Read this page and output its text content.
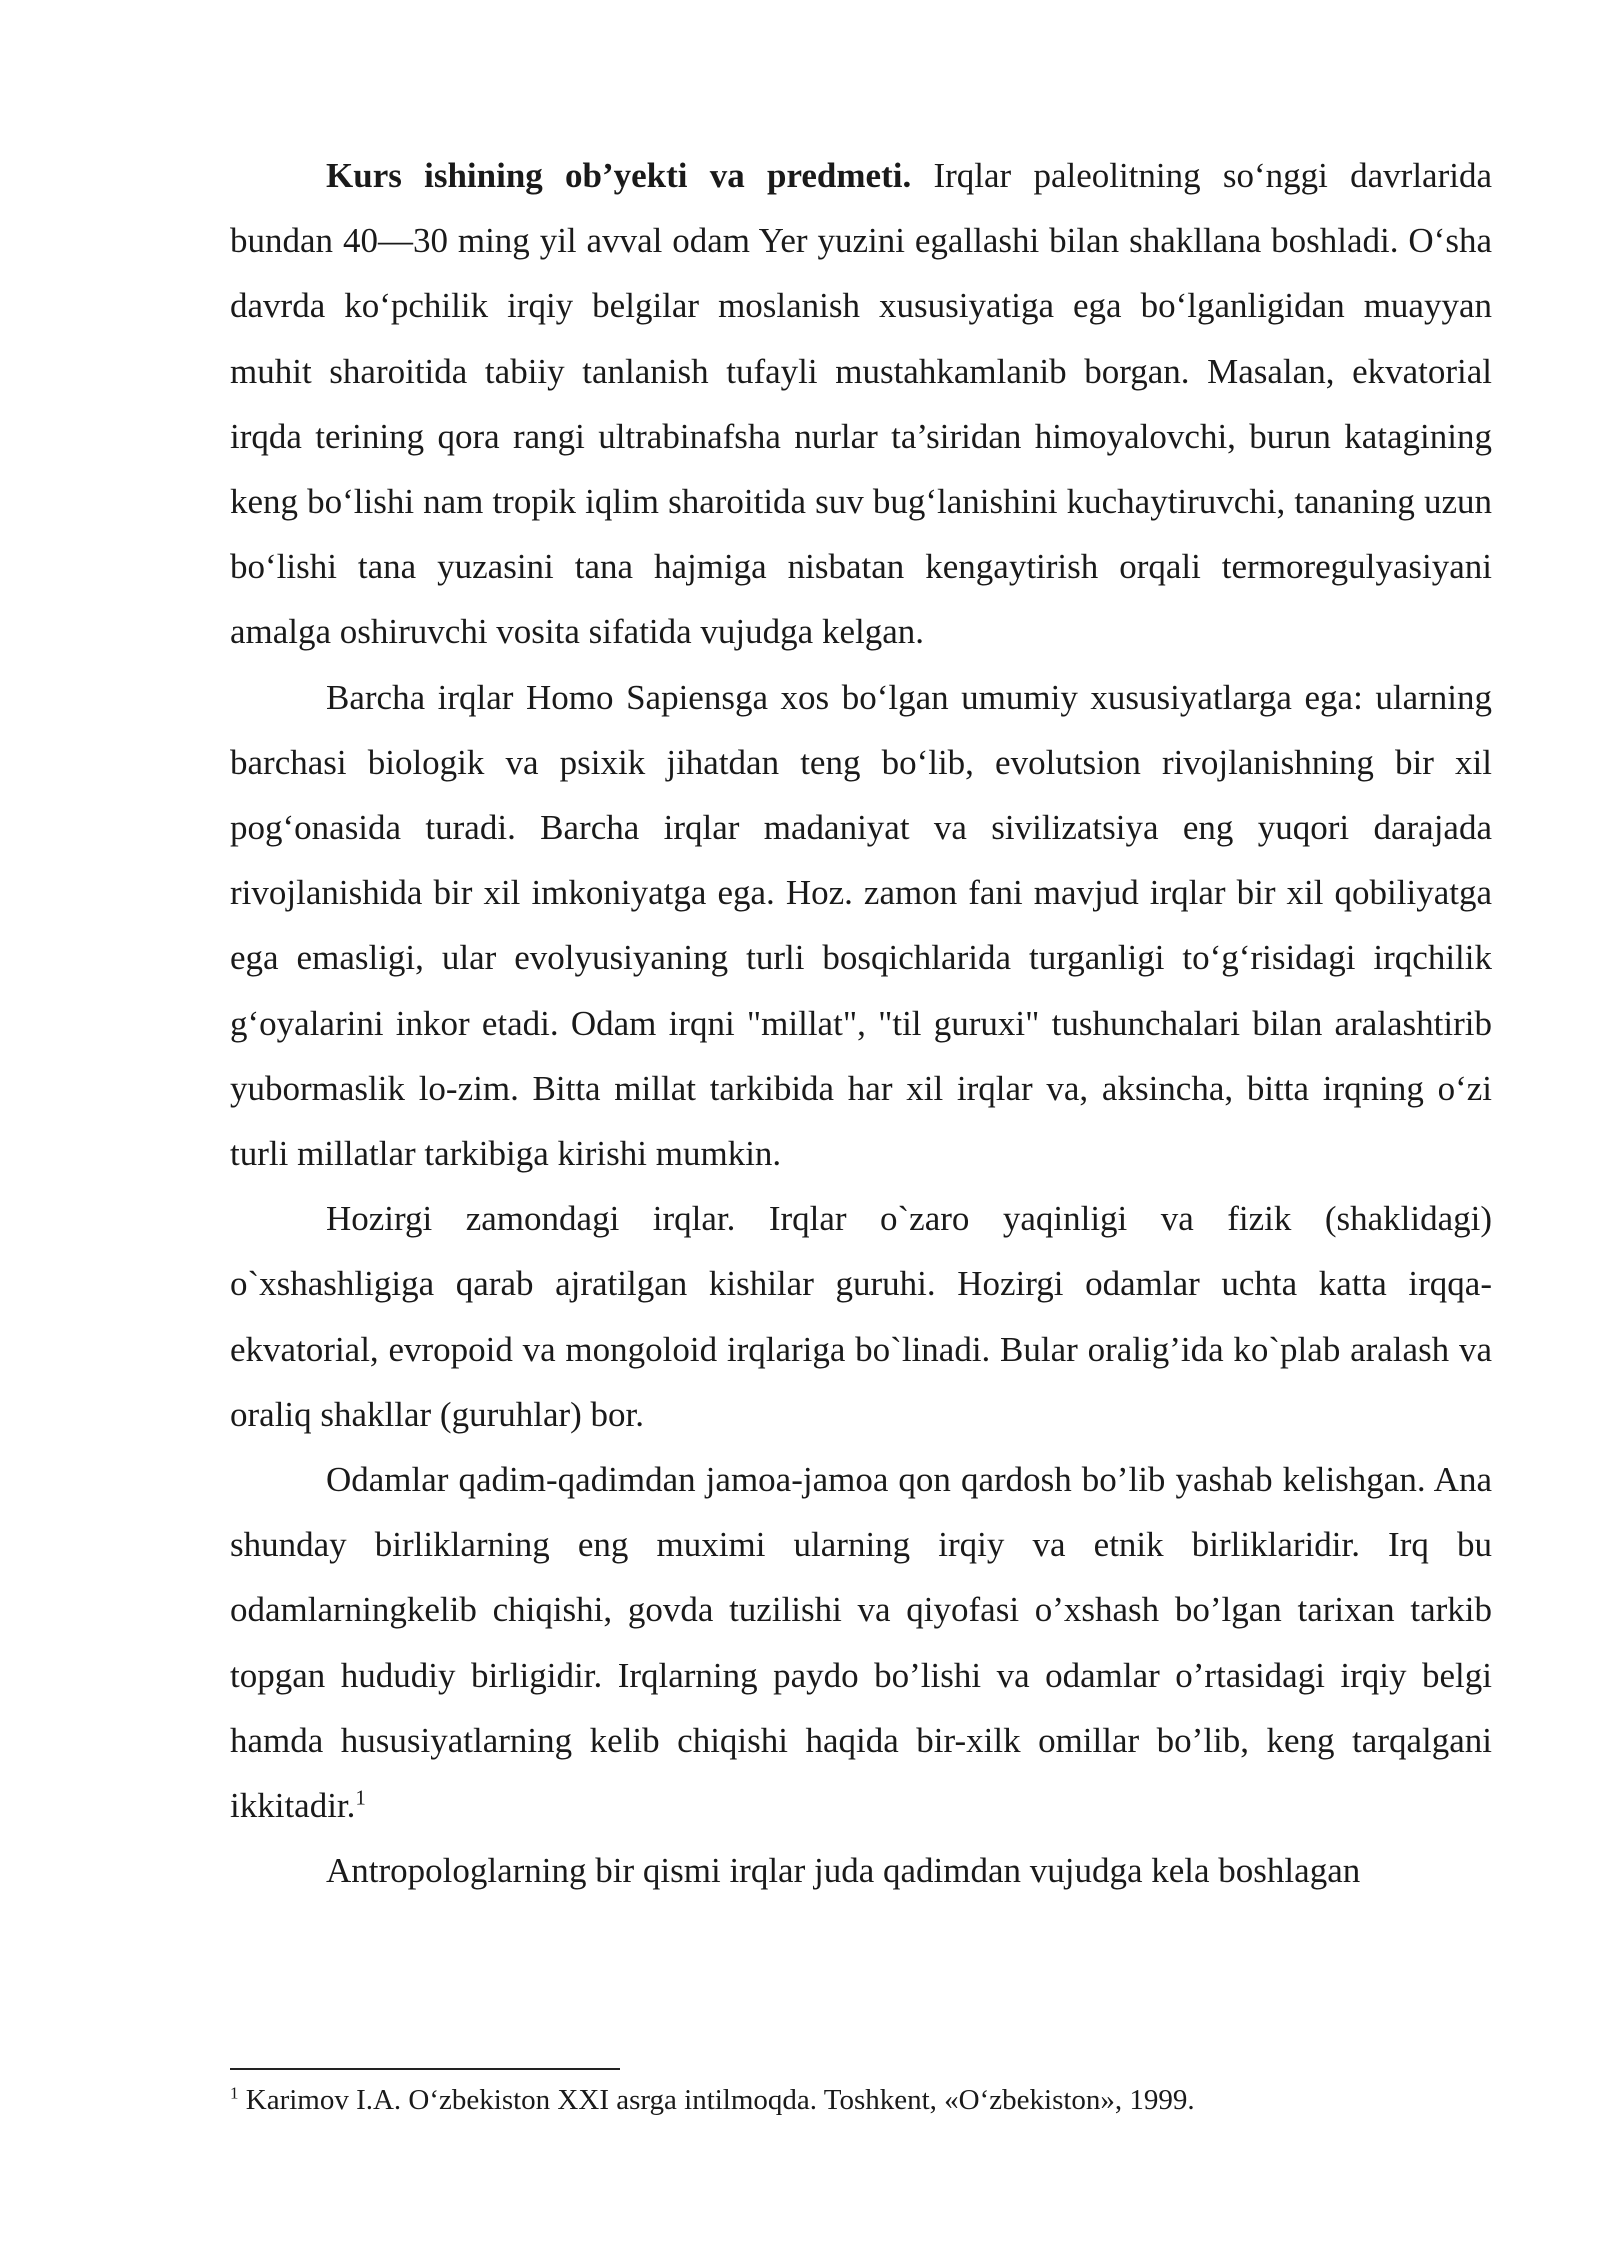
Kurs ishining ob’yekti va predmeti. Irqlar paleolitning so‘nggi davrlarida bundan 40—30 ming yil avval odam Yer yuzini egallashi bilan shakllana boshladi. O‘sha davrda ko‘pchilik irqiy belgilar moslanish xususiyatiga ega bo‘lganligidan muayyan muhit sharoitida tabiiy tanlanish tufayli mustahkamlanib borgan. Masalan, ekvatorial irqda terining qora rangi ultrabinafsha nurlar ta’siridan himoyalovchi, burun katagining keng bo‘lishi nam tropik iqlim sharoitida suv bug‘lanishini kuchaytiruvchi, tananing uzun bo‘lishi tana yuzasini tana hajmiga nisbatan kengaytirish orqali termoregulyasiyani amalga oshiruvchi vosita sifatida vujudga kelgan.

Barcha irqlar Homo Sapiensga xos bo‘lgan umumiy xususiyatlarga ega: ularning barchasi biologik va psixik jihatdan teng bo‘lib, evolutsion rivojlanishning bir xil pog‘onasida turadi. Barcha irqlar madaniyat va sivilizatsiya eng yuqori darajada rivojlanishida bir xil imkoniyatga ega. Hoz. zamon fani mavjud irqlar bir xil qobiliyatga ega emasligi, ular evolyusiyaning turli bosqichlarida turganligi to‘g‘risidagi irqchilik g‘oyalarini inkor etadi. Odam irqni "millat", "til guruxi" tushunchalari bilan aralashtirib yubormaslik lo-zim. Bitta millat tarkibida har xil irqlar va, aksincha, bitta irqning o‘zi turli millatlar tarkibiga kirishi mumkin.

Hozirgi zamondagi irqlar. Irqlar o`zaro yaqinligi va fizik (shaklidagi) o`xshashligiga qarab ajratilgan kishilar guruhi. Hozirgi odamlar uchta katta irqqa-ekvatorial, evropoid va mongoloid irqlariga bo`linadi. Bular oralig’ida ko`plab aralash va oraliq shakllar (guruhlar) bor.

Odamlar qadim-qadimdan jamoa-jamoa qon qardosh bo’lib yashab kelishgan. Ana shunday birliklarning eng muximi ularning irqiy va etnik birliklaridir. Irq bu odamlarningkelib chiqishi, govda tuzilishi va qiyofasi o’xshash bo’lgan tarixan tarkib topgan hududiy birligidir. Irqlarning paydo bo’lishi va odamlar o’rtasidagi irqiy belgi hamda hususiyatlarning kelib chiqishi haqida bir-xilk omillar bo’lib, keng tarqalgani ikkitadir.$^1$

Antropologlarning bir qismi irqlar juda qadimdan vujudga kela boshlagan

$^1$ Karimov I.A. O‘zbekiston XXI asrga intilmoqda. Toshkent, «O‘zbekiston», 1999.
